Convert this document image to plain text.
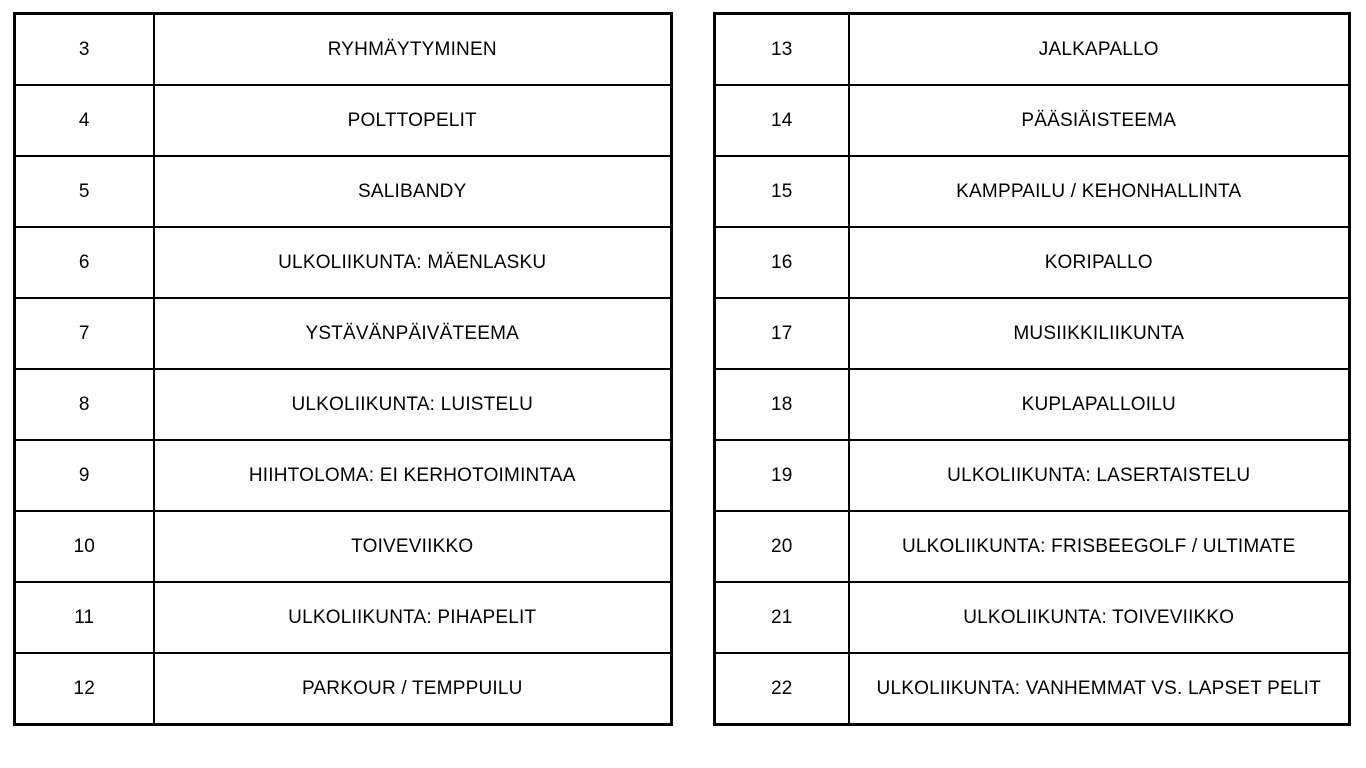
3	RYHMÄYTYMINEN
4	POLTTOPELIT
5	SALIBANDY
6	ULKOLIIKUNTA: MÄENLASKU
7	YSTÄVÄNPÄIVÄTEEMA
8	ULKOLIIKUNTA: LUISTELU
9	HIIHTOLOMA: EI KERHOTOIMINTAA
10	TOIVEVIIKKO
11	ULKOLIIKUNTA: PIHAPELIT
12	PARKOUR / TEMPPUILU
13	JALKAPALLO
14	PÄÄSIÄISTEEMA
15	KAMPPAILU / KEHONHALLINTA
16	KORIPALLO
17	MUSIIKKILIIKUNTA
18	KUPLAPALLOILU
19	ULKOLIIKUNTA: LASERTAISTELU
20	ULKOLIIKUNTA: FRISBEEGOLF / ULTIMATE
21	ULKOLIIKUNTA: TOIVEVIIKKO
22	ULKOLIIKUNTA: VANHEMMAT VS. LAPSET PELIT
